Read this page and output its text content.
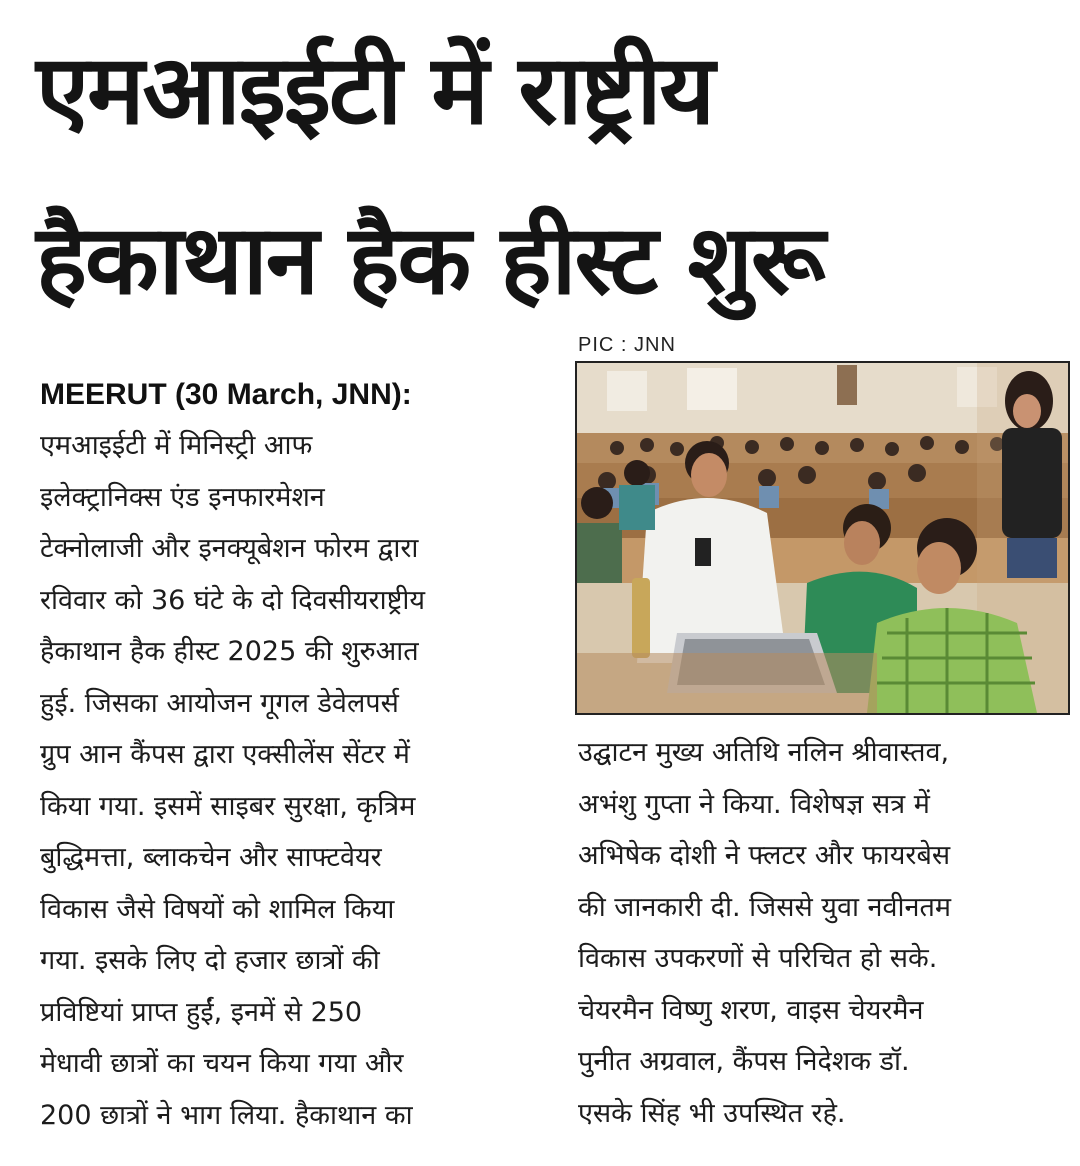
एमआइईटी में राष्ट्रीय
हैकाथान हैक हीस्ट शुरू
PIC : JNN
MEERUT (30 March, JNN):
एमआइईटी में मिनिस्ट्री आफ
इलेक्ट्रानिक्स एंड इनफारमेशन
टेक्नोलाजी और इनक्यूबेशन फोरम द्वारा
रविवार को 36 घंटे के दो दिवसीयराष्ट्रीय
हैकाथान हैक हीस्ट 2025 की शुरुआत
हुई. जिसका आयोजन गूगल डेवेलपर्स
ग्रुप आन कैंपस द्वारा एक्सीलेंस सेंटर में
किया गया. इसमें साइबर सुरक्षा, कृत्रिम
बुद्धिमत्ता, ब्लाकचेन और साफ्टवेयर
विकास जैसे विषयों को शामिल किया
गया. इसके लिए दो हजार छात्रों की
प्रविष्टियां प्राप्त हुईं, इनमें से 250
मेधावी छात्रों का चयन किया गया और
200 छात्रों ने भाग लिया. हैकाथान का
उद्घाटन मुख्य अतिथि नलिन श्रीवास्तव,
अभंशु गुप्ता ने किया. विशेषज्ञ सत्र में
अभिषेक दोशी ने फ्लटर और फायरबेस
की जानकारी दी. जिससे युवा नवीनतम
विकास उपकरणों से परिचित हो सके.
चेयरमैन विष्णु शरण, वाइस चेयरमैन
पुनीत अग्रवाल, कैंपस निदेशक डॉ.
एसके सिंह भी उपस्थित रहे.
